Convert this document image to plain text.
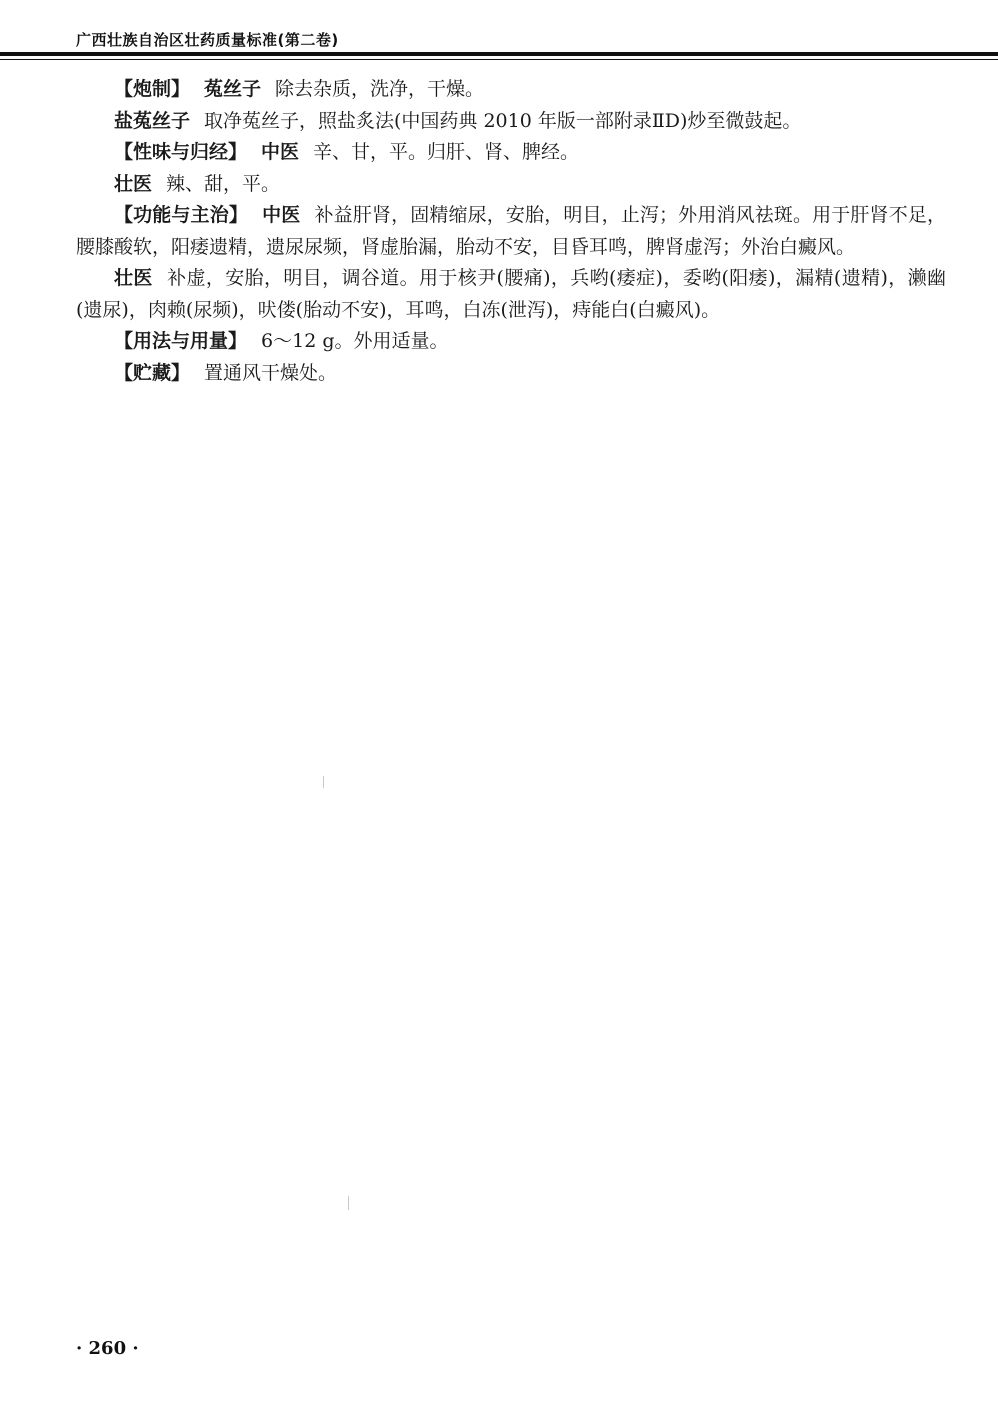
广西壮族自治区壮药质量标准(第二卷)

【炮制】 菟丝子 除去杂质，洗净，干燥。

盐菟丝子 取净菟丝子，照盐炙法(中国药典 2010 年版一部附录ⅡD)炒至微鼓起。

【性味与归经】 中医 辛、甘，平。归肝、肾、脾经。

壮医 辣、甜，平。

【功能与主治】 中医 补益肝肾，固精缩尿，安胎，明目，止泻；外用消风祛斑。用于肝肾不足，腰膝酸软，阳痿遗精，遗尿尿频，肾虚胎漏，胎动不安，目昏耳鸣，脾肾虚泻；外治白癜风。

壮医 补虚，安胎，明目，调谷道。用于核尹(腰痛)，兵哟(痿症)，委哟(阳痿)，漏精(遗精)，濑幽(遗尿)，肉赖(尿频)，吠偻(胎动不安)，耳鸣，白冻(泄泻)，痔能白(白癜风)。

【用法与用量】 6～12 g。外用适量。

【贮藏】 置通风干燥处。

· 260 ·
